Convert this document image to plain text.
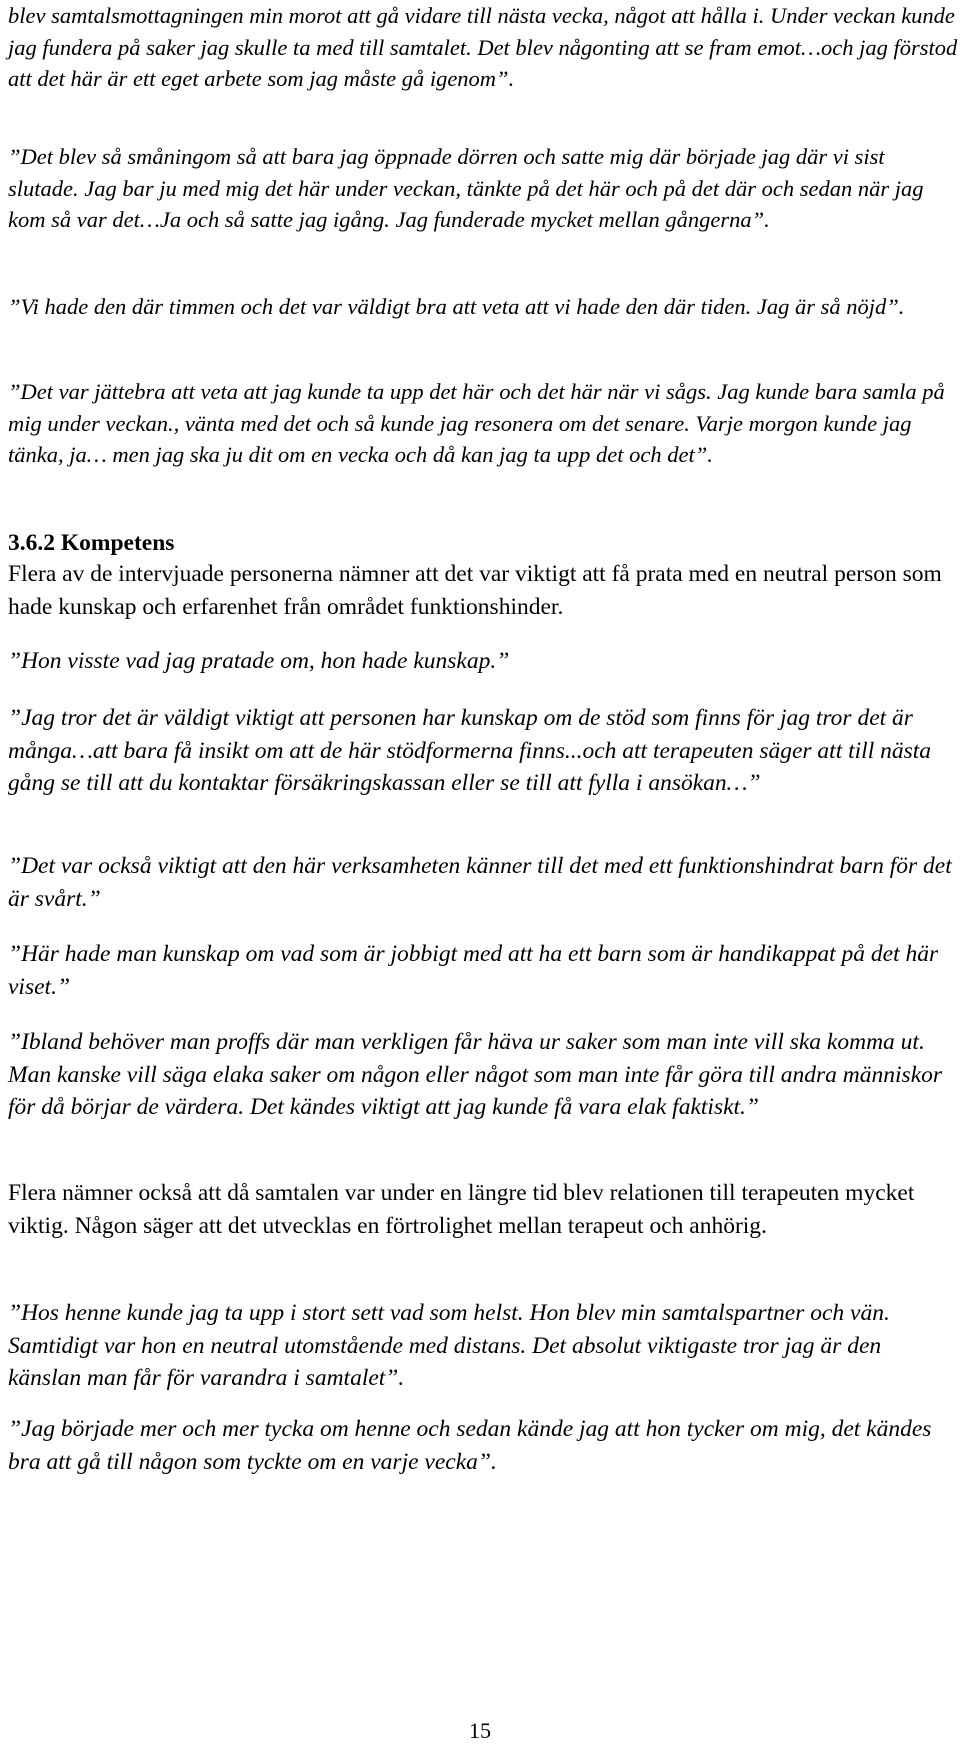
blev samtalsmottagningen min morot att gå vidare till nästa vecka, något att hålla i. Under veckan kunde jag fundera på saker jag skulle ta med till samtalet. Det blev någonting att se fram emot…och jag förstod att det här är ett eget arbete som jag måste gå igenom”.

”Det blev så småningom så att bara jag öppnade dörren och satte mig där började jag där vi sist slutade. Jag bar ju med mig det här under veckan, tänkte på det här och på det där och sedan när jag kom så var det…Ja och så satte jag igång. Jag funderade mycket mellan gångerna”.

”Vi hade den där timmen och det var väldigt bra att veta att vi hade den där tiden. Jag är så nöjd”.

”Det var jättebra att veta att jag kunde ta upp det här och det här när vi sågs. Jag kunde bara samla på mig under veckan., vänta med det och så kunde jag resonera om det senare. Varje morgon kunde jag tänka, ja… men jag ska ju dit om en vecka och då kan jag ta upp det och det”.

3.6.2 Kompetens

Flera av de intervjuade personerna nämner att det var viktigt att få prata med en neutral person som hade kunskap och erfarenhet från området funktionshinder.

”Hon visste vad jag pratade om, hon hade kunskap.”

”Jag tror det är väldigt viktigt att personen har kunskap om de stöd som finns för jag tror det är många…att bara få insikt om att de här stödformerna finns...och att terapeuten säger att till nästa gång se till att du kontaktar försäkringskassan eller se till att fylla i ansökan…”

”Det var också viktigt att den här verksamheten känner till det med ett funktionshindrat barn för det är svårt.”

”Här hade man kunskap om vad som är jobbigt med att ha ett barn som är handikappat på det här viset.”

”Ibland behöver man proffs där man verkligen får häva ur saker som man inte vill ska komma ut. Man kanske vill säga elaka saker om någon eller något som man inte får göra till andra människor för då börjar de värdera. Det kändes viktigt att jag kunde få vara elak faktiskt.”

Flera nämner också att då samtalen var under en längre tid blev relationen till terapeuten mycket viktig. Någon säger att det utvecklas en förtrolighet mellan terapeut och anhörig.

”Hos henne kunde jag ta upp i stort sett vad som helst. Hon blev min samtalspartner och vän. Samtidigt var hon en neutral utomstående med distans. Det absolut viktigaste tror jag är den känslan man får för varandra i samtalet”.

”Jag började mer och mer tycka om henne och sedan kände jag att hon tycker om mig, det kändes bra att gå till någon som tyckte om en varje vecka”.

15
